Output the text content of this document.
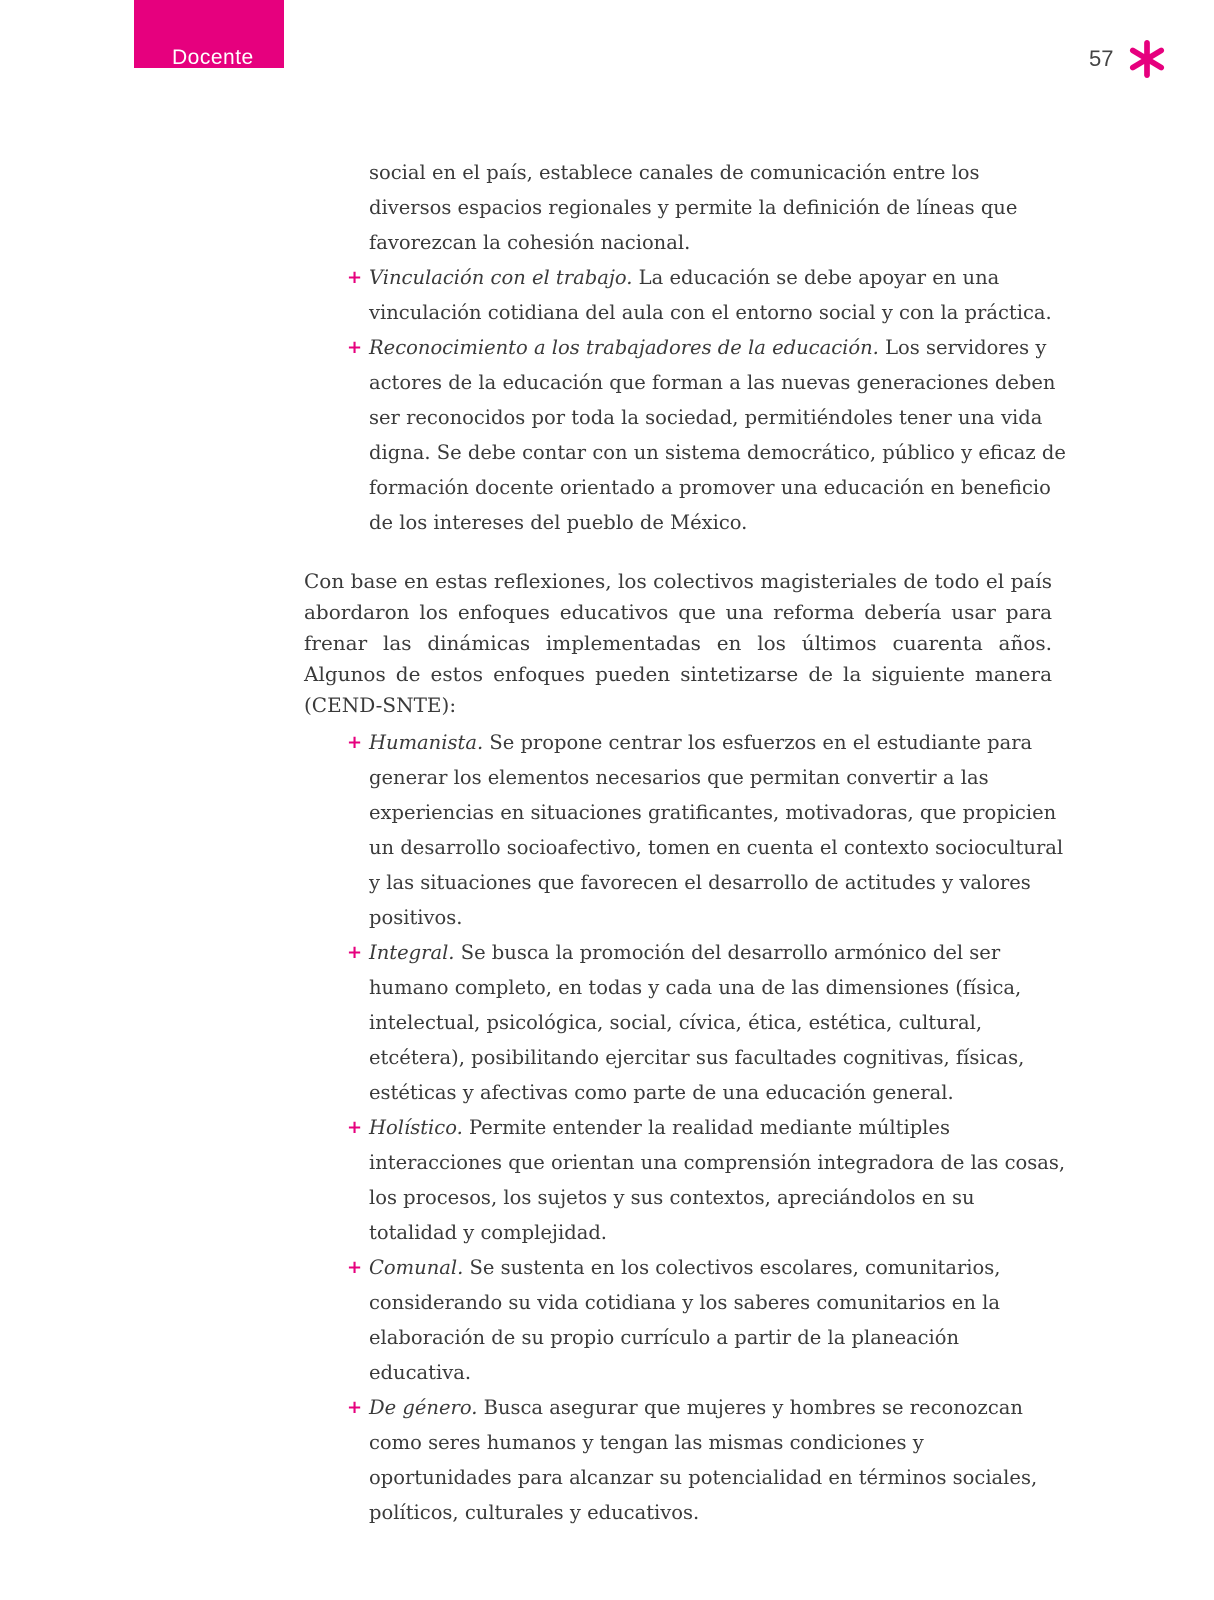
Docente	57

social en el país, establece canales de comunicación entre los diversos espacios regionales y permite la definición de líneas que favorezcan la cohesión nacional.

+ Vinculación con el trabajo. La educación se debe apoyar en una vinculación cotidiana del aula con el entorno social y con la práctica.
+ Reconocimiento a los trabajadores de la educación. Los servidores y actores de la educación que forman a las nuevas generaciones deben ser reconocidos por toda la sociedad, permitiéndoles tener una vida digna. Se debe contar con un sistema democrático, público y eficaz de formación docente orientado a promover una educación en beneficio de los intereses del pueblo de México.

Con base en estas reflexiones, los colectivos magisteriales de todo el país abordaron los enfoques educativos que una reforma debería usar para frenar las dinámicas implementadas en los últimos cuarenta años. Algunos de estos enfoques pueden sintetizarse de la siguiente manera (CEND-SNTE):

+ Humanista. Se propone centrar los esfuerzos en el estudiante para generar los elementos necesarios que permitan convertir a las experiencias en situaciones gratificantes, motivadoras, que propicien un desarrollo socioafectivo, tomen en cuenta el contexto sociocultural y las situaciones que favorecen el desarrollo de actitudes y valores positivos.
+ Integral. Se busca la promoción del desarrollo armónico del ser humano completo, en todas y cada una de las dimensiones (física, intelectual, psicológica, social, cívica, ética, estética, cultural, etcétera), posibilitando ejercitar sus facultades cognitivas, físicas, estéticas y afectivas como parte de una educación general.
+ Holístico. Permite entender la realidad mediante múltiples interacciones que orientan una comprensión integradora de las cosas, los procesos, los sujetos y sus contextos, apreciándolos en su totalidad y complejidad.
+ Comunal. Se sustenta en los colectivos escolares, comunitarios, considerando su vida cotidiana y los saberes comunitarios en la elaboración de su propio currículo a partir de la planeación educativa.
+ De género. Busca asegurar que mujeres y hombres se reconozcan como seres humanos y tengan las mismas condiciones y oportunidades para alcanzar su potencialidad en términos sociales, políticos, culturales y educativos.
